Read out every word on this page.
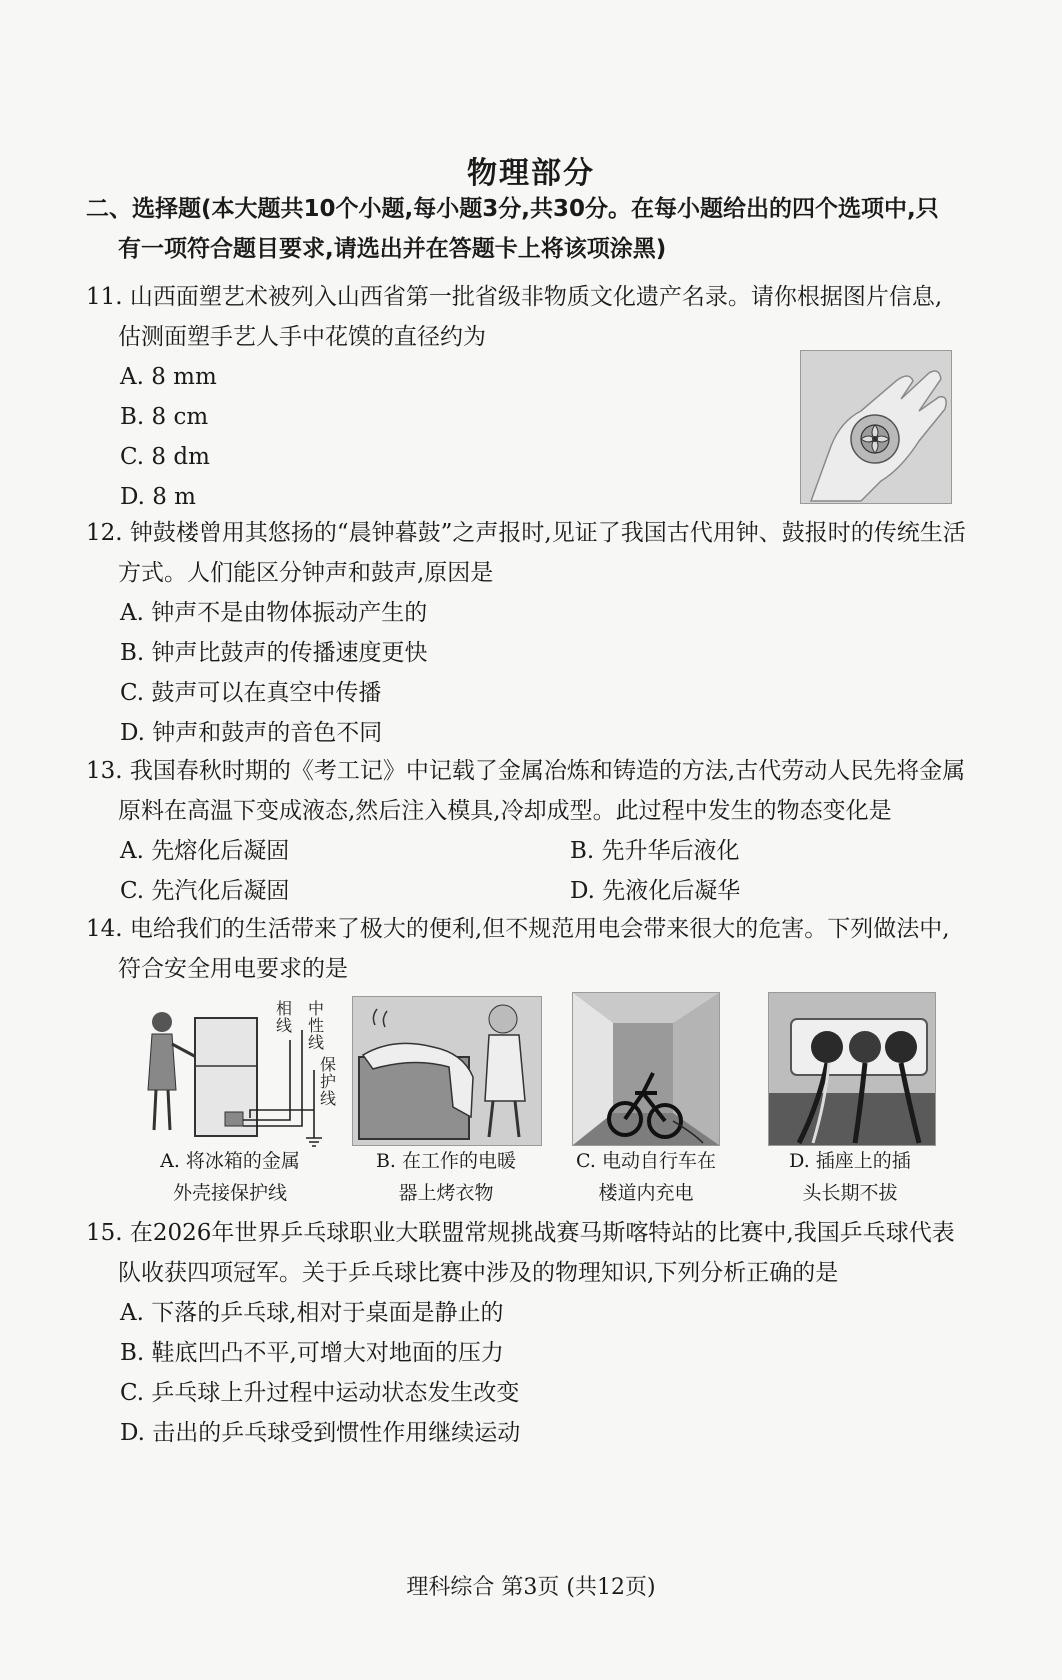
物理部分
二、选择题(本大题共10个小题,每小题3分,共30分。在每小题给出的四个选项中,只
有一项符合题目要求,请选出并在答题卡上将该项涂黑)
11. 山西面塑艺术被列入山西省第一批省级非物质文化遗产名录。请你根据图片信息,
估测面塑手艺人手中花馍的直径约为
A. 8 mm
B. 8 cm
C. 8 dm
D. 8 m
12. 钟鼓楼曾用其悠扬的“晨钟暮鼓”之声报时,见证了我国古代用钟、鼓报时的传统生活
方式。人们能区分钟声和鼓声,原因是
A. 钟声不是由物体振动产生的
B. 钟声比鼓声的传播速度更快
C. 鼓声可以在真空中传播
D. 钟声和鼓声的音色不同
13. 我国春秋时期的《考工记》中记载了金属冶炼和铸造的方法,古代劳动人民先将金属
原料在高温下变成液态,然后注入模具,冷却成型。此过程中发生的物态变化是
A. 先熔化后凝固	B. 先升华后液化
C. 先汽化后凝固	D. 先液化后凝华
14. 电给我们的生活带来了极大的便利,但不规范用电会带来很大的危害。下列做法中,
符合安全用电要求的是
相线
中性线
保护线
A. 将冰箱的金属
外壳接保护线
B. 在工作的电暖
器上烤衣物
C. 电动自行车在
楼道内充电
D. 插座上的插
头长期不拔
15. 在2026年世界乒乓球职业大联盟常规挑战赛马斯喀特站的比赛中,我国乒乓球代表
队收获四项冠军。关于乒乓球比赛中涉及的物理知识,下列分析正确的是
A. 下落的乒乓球,相对于桌面是静止的
B. 鞋底凹凸不平,可增大对地面的压力
C. 乒乓球上升过程中运动状态发生改变
D. 击出的乒乓球受到惯性作用继续运动
理科综合 第3页 (共12页)
